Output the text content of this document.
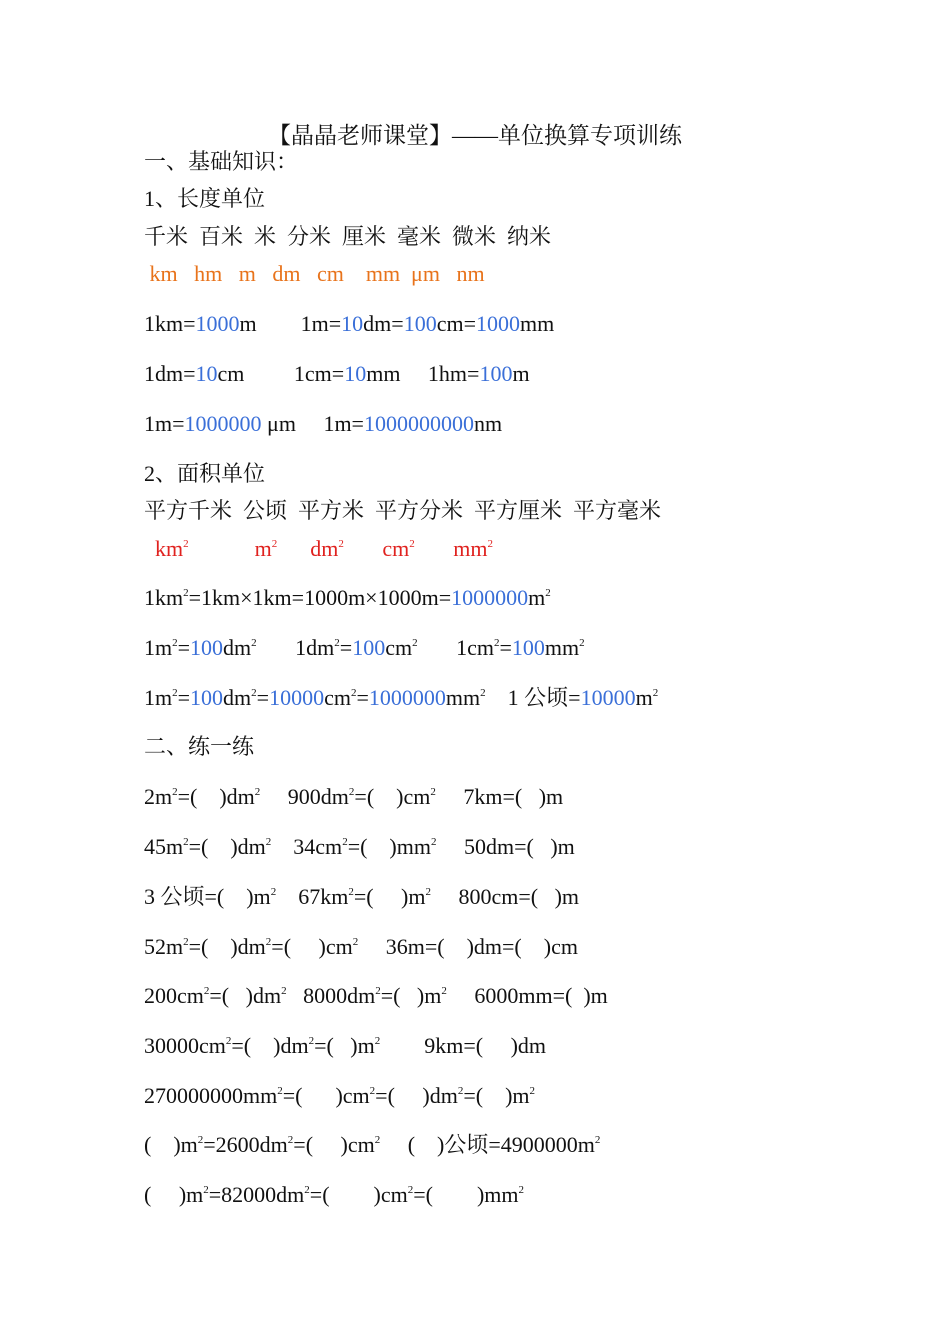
【晶晶老师课堂】——单位换算专项训练
一、基础知识：
1、长度单位
千米  百米  米  分米  厘米  毫米  微米  纳米
km   hm   m   dm   cm    mm  μm   nm
1km=1000m        1m=10dm=100cm=1000mm
1dm=10cm         1cm=10mm     1hm=100m
1m=1000000 μm     1m=1000000000nm
2、面积单位
平方千米  公顷  平方米  平方分米  平方厘米  平方毫米
$km^2$            $m^2$      $dm^2$       $cm^2$       $mm^2$
$1km^2=1km\times 1km=1000m\times 1000m=1000000m^2$
$1m^2=100dm^2$       $1dm^2=100cm^2$       $1cm^2=100mm^2$
$1m^2=100dm^2=10000cm^2=1000000mm^2$    1 公顷$=10000m^2$
二、练一练
$2m^2=$(    )$dm^2$     $900dm^2=$(    )$cm^2$     7km=(   )m
$45m^2=$(    )$dm^2$    $34cm^2=$(    )$mm^2$     50dm=(   )m
3 公顷=(    )$m^2$    $67km^2=$(     )$m^2$     800cm=(   )m
$52m^2=$(    )$dm^2=$(     )$cm^2$     36m=(    )dm=(    )cm
$200cm^2=$(   )$dm^2$   $8000dm^2=$(   )$m^2$     6000mm=(  )m
$30000cm^2=$(    )$dm^2=$(   )$m^2$        9km=(     )dm
$270000000mm^2=$(      )$cm^2=$(     )$dm^2=$(    )$m^2$
(    )$m^2=2600dm^2=$(     )$cm^2$     (    )公顷$=4900000m^2$
(     )$m^2=82000dm^2=$(        )$cm^2=$(        )$mm^2$
